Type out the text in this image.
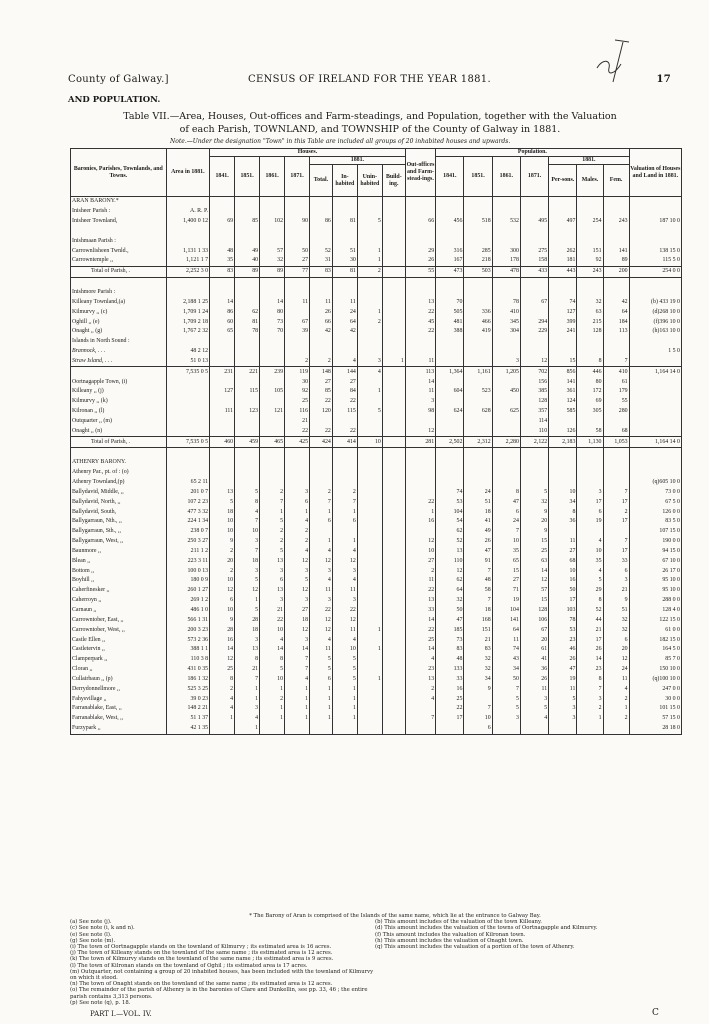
County of Galway.]	CENSUS OF IRELAND FOR THE YEAR 1881.	17
AND POPULATION.
Table VII.—Area, Houses, Out-offices and Farm-steadings, and Population, together with the Valuation
of each Parish, TOWNLAND, and TOWNSHIP of the County of Galway in 1881.
Note.—Under the designation "Town" in this Table are included all groups of 20 inhabited houses and upwards.
Baronies, Parishes, Townlands, and Towns.	Area in 1881.	Houses.								Out-offices and Farm-stead-ings.	Population.							Valuation of Houses and Land in 1881.
		1841.	1851.	1861.	1871.	1881.					1841.	1851.	1861.	1871.	1881.			
						Total.	In-habited	Unin-habited	Build-ing.						Per-sons.	Males.	Fem.	
ARAN BARONY.*																		
Inisheer Parish :	A. R. P.																	
Inisheer Townland,	1,400 0 12	69	85	102	90	86	81	5		66	456	518	532	495	497	254	243	187 10 0

Inishmaan Parish :																		
Carrownlisheen Twnld.,	1,131 1 33	48	49	57	50	52	51	1		29	316	285	300	275	262	151	141	138 15 0
Carrowntemple ,,	1,121 1 7	35	40	32	27	31	30	1		26	167	218	178	158	181	92	89	115 5 0
Total of Parish, .	2,252 3 0	83	89	89	77	83	81	2		55	473	503	478	433	443	243	200	254 0 0

Inishmore Parish :																		
Killeany Townland,(a)	2,188 1 25	14		14	11	11	11			13	70		78	67	74	32	42	(b) 433 19 0
Kilmurvy ,, (c)	1,709 1 24	86	62	80		26	24	1		22	505	336	410		127	63	64	(d)268 10 0
Oghill ,, (e)	1,709 2 18	60	81	73	67	66	64	2		45	481	466	345	294	399	215	184	(f)396 10 0
Onaght ,, (g)	1,767 2 32	65	78	70	39	42	42			22	388	419	304	229	241	128	113	(h)163 10 0
Islands in North Sound :																		
Brannock, . . .	48 2 12																	1 5 0
Straw Island, . . .	51 0 13				2	2	4	3	1	11			3	12	15	8	7	
	7,535 0 5	231	221	239	119	148	144	4		113	1,364	1,161	1,205	702	856	446	410	1,164 14 0
Oortnagapple Town, (i)					30	27	27			14				156	141	80	61	
Killeany ,, (j)		127	115	105	92	85	84	1		11	604	523	450	385	361	172	179	
Kilmurvy ,, (k)					25	22	22			3				128	124	69	55	
Kilronan ,, (l)		111	123	121	116	120	115	5		98	624	628	625	357	585	305	280	
Outquarter ,, (m)					21									114				
Onaght ,, (n)					22	22	22			12				110	126	58	68	
Total of Parish, .	7,535 0 5	460	459	465	425	424	414	10		281	2,502	2,312	2,280	2,122	2,183	1,130	1,053	1,164 14 0

ATHENRY BARONY.																		
Athenry Par., pt. of : (o)																		
Athenry Townland,(p)	65 2 11																	(q)605 10 0
Ballydavid, Middle, ,,	201 0 7	13	5	2	3	2	2				74	24	8	5	10	3	7	73 0 0
Ballydavid, North, ,,	107 2 23	5	8	7	6	7	7			22	53	51	47	32	34	17	17	67 5 0
Ballydavid, South,	477 3 32	18	4	1	1	1	1			1	104	18	6	9	8	6	2	126 0 0
Ballygarraun, Nth., ,,	224 1 34	10	7	5	4	6	6			16	54	41	24	20	36	19	17	83 5 0
Ballygarraun, Sth., ,,	238 0 7	10	10	2	2						62	49	7	9				107 15 0
Ballygarraun, West, ,,	250 3 27	9	3	2	2	1	1			12	52	26	10	15	11	4	7	190 0 0
Baunmore ,,	211 1 2	2	7	5	4	4	4			10	13	47	35	25	27	10	17	94 15 0
Blean ,,	223 3 11	20	18	13	12	12	12			27	110	91	65	63	68	35	33	67 10 0
Bottom ,,	100 0 13	2	3	3	3	3	3			2	12	7	15	14	10	4	6	26 17 0
Boyhill ,,	180 0 9	10	5	6	5	4	4			11	62	48	27	12	16	5	3	95 10 0
Caherfinesker ,,	260 1 27	12	12	13	12	11	11			22	64	58	71	57	50	29	21	95 10 0
Caherroyn ,,	269 1 2	6	1	3	3	3	3			13	32	7	19	15	17	8	9	288 0 0
Carnaun ,,	486 1 0	10	5	21	27	22	22			33	50	18	104	128	103	52	51	128 4 0
Carrowntober, East, ,,	566 1 31	9	28	22	18	12	12			14	47	168	141	106	78	44	32	122 15 0
Carrowntober, West, ,,	200 3 23	28	18	10	12	12	11	1		22	185	151	64	67	53	21	32	61 0 0
Castle Ellen ,,	573 2 36	16	3	4	3	4	4			25	73	21	11	20	23	17	6	182 15 0
Castletervin ,,	388 1 1	14	13	14	14	11	10	1		14	83	83	74	61	46	26	20	164 5 0
Clamperpark ,,	110 3 8	12	8	8	7	5	5			4	48	32	43	41	26	14	12	85 7 0
Cloran ,,	431 0 35	25	21	5	7	5	5			23	133	32	34	36	47	23	24	150 10 0
Cullairbaun ,, (p)	186 1 32	8	7	10	4	6	5	1		13	33	34	50	26	19	8	11	(q)100 10 0
Derrydonnellmore ,,	525 3 25	2	1	1	1	1	1			2	16	9	7	11	11	7	4	247 0 0
Fahysvillage ,,	39 0 23	4	1	2	1	1	1			4	25		5	3	5	3	2	30 0 0
Farranablake, East, ,,	148 2 21	4	3	1	1	1	1				22	7	5	5	3	2	1	101 15 0
Farranablake, West, ,,	51 1 37	1	4	1	1	1	1			7	17	10	3	4	3	1	2	57 15 0
Furzypark ,,	42 1 35		1									6						28 18 0
* The Barony of Aran is comprised of the Islands of the same name, which lie at the entrance to Galway Bay.
(a) See note (j).
(c) See note (i, k and n).
(e) See note (l).
(g) See note (m).
(i) The town of Oortnagapple stands on the townland of Kilmurvy ; its estimated area is 16 acres.
(j) The town of Killeany stands on the townland of the same name ; its estimated area is 12 acres.
(k) The town of Kilmurvy stands on the townland of the same name ; its estimated area is 9 acres.
(l) The town of Kilronan stands on the townland of Oghil ; its estimated area is 17 acres.
(m) Outquarter, not containing a group of 20 inhabited houses, has been included with the townland of Kilmurvy on which it stood.
(n) The town of Onaght stands on the townland of the same name ; its estimated area is 12 acres.
(o) The remainder of the parish of Athenry is in the baronies of Clare and Dunkellin, see pp. 33, 46 ; the entire parish contains 3,313 persons.
(p) See note (q), p. 18.
(b) This amount includes of the valuation of the town Killeany.
(d) This amount includes the valuation of the towns of Oortnagapple and Kilmurvy.
(f) This amount includes the valuation of Kilronan town.
(h) This amount includes the valuation of Onaght town.
(q) This amount includes the valuation of a portion of the town of Athenry.
PART I.—VOL. IV.	C
